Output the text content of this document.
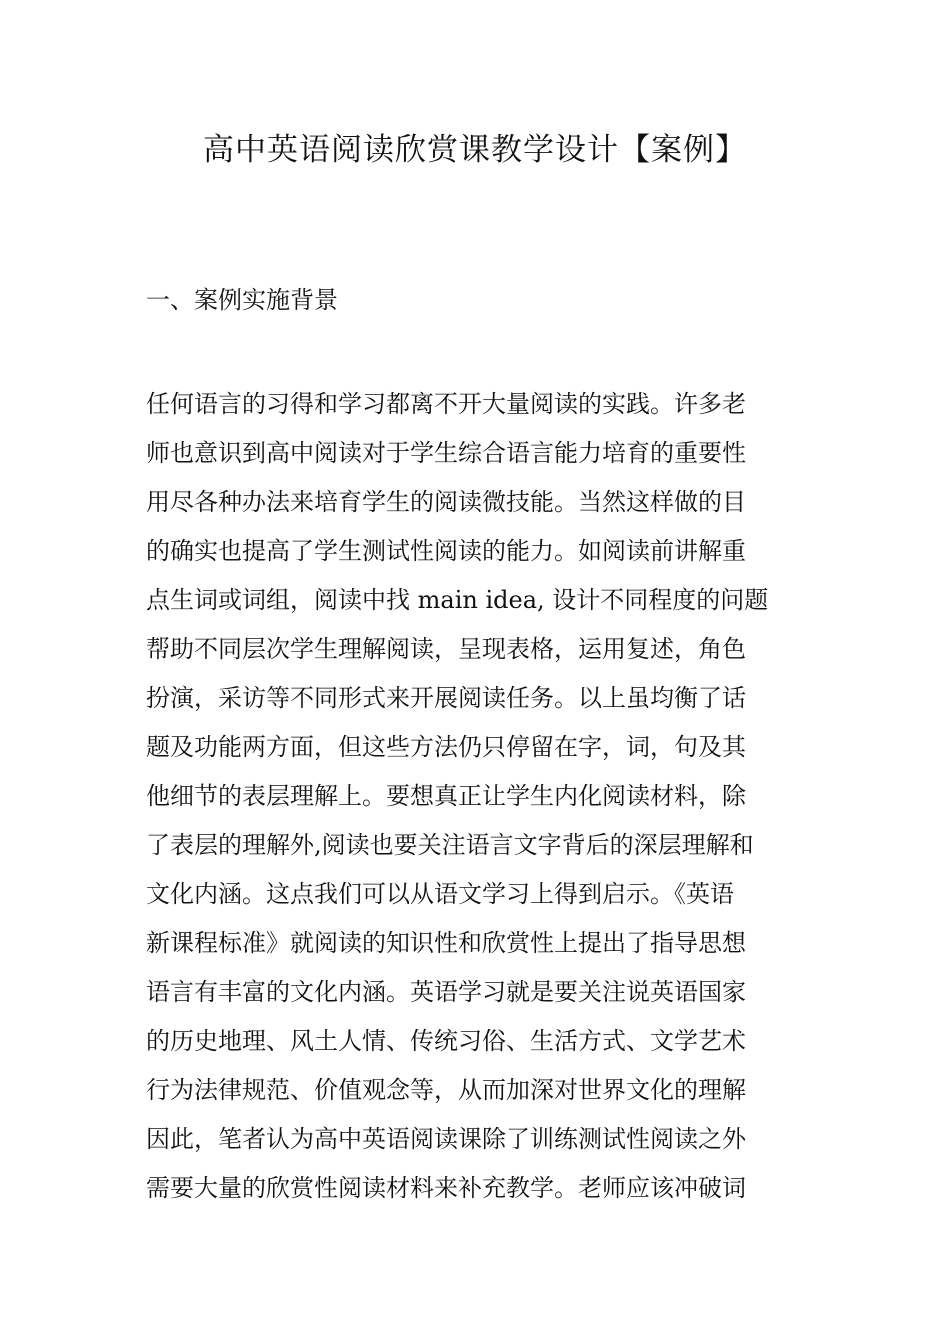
高中英语阅读欣赏课教学设计【案例】
一、案例实施背景
任何语言的习得和学习都离不开大量阅读的实践。许多老
师也意识到高中阅读对于学生综合语言能力培育的重要性
用尽各种办法来培育学生的阅读微技能。当然这样做的目
的确实也提高了学生测试性阅读的能力。如阅读前讲解重
点生词或词组，阅读中找 main idea, 设计不同程度的问题
帮助不同层次学生理解阅读，呈现表格，运用复述，角色
扮演，采访等不同形式来开展阅读任务。以上虽均衡了话
题及功能两方面，但这些方法仍只停留在字，词，句及其
他细节的表层理解上。要想真正让学生内化阅读材料，除
了表层的理解外,阅读也要关注语言文字背后的深层理解和
文化内涵。这点我们可以从语文学习上得到启示。《英语
新课程标准》就阅读的知识性和欣赏性上提出了指导思想
语言有丰富的文化内涵。英语学习就是要关注说英语国家
的历史地理、风土人情、传统习俗、生活方式、文学艺术
行为法律规范、价值观念等，从而加深对世界文化的理解
因此，笔者认为高中英语阅读课除了训练测试性阅读之外
需要大量的欣赏性阅读材料来补充教学。老师应该冲破词
